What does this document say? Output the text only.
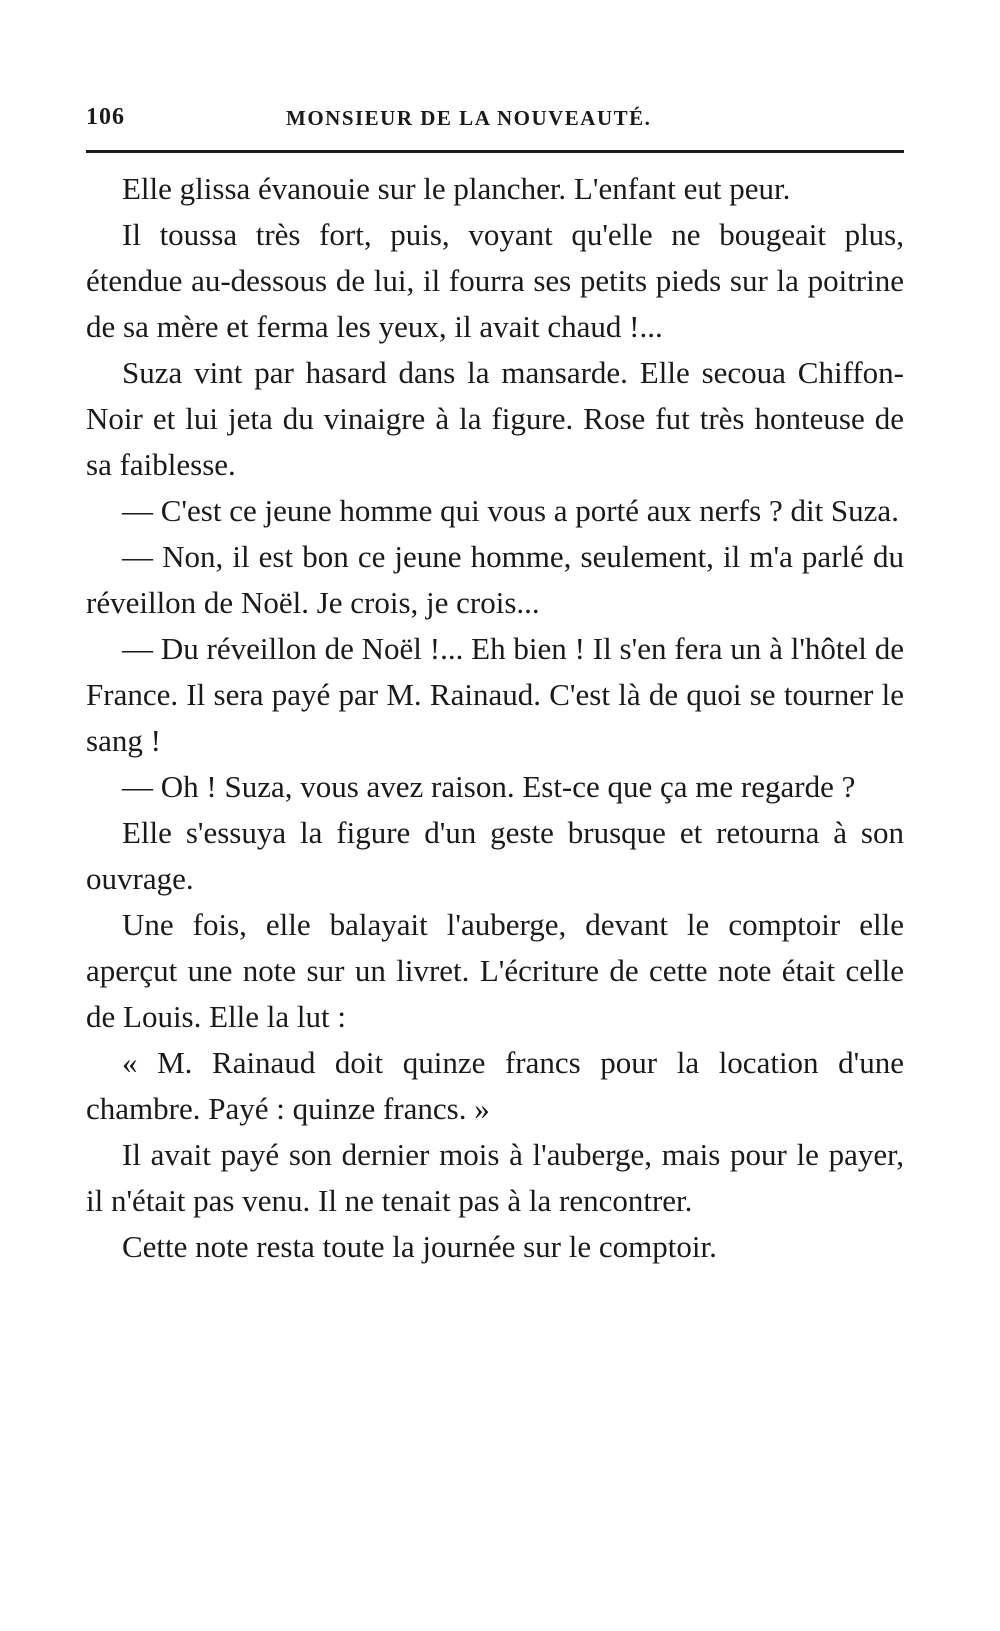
106	MONSIEUR DE LA NOUVEAUTÉ.

Elle glissa évanouie sur le plancher. L'enfant eut peur.

Il toussa très fort, puis, voyant qu'elle ne bougeait plus, étendue au-dessous de lui, il fourra ses petits pieds sur la poitrine de sa mère et ferma les yeux, il avait chaud !...

Suza vint par hasard dans la mansarde. Elle secoua Chiffon-Noir et lui jeta du vinaigre à la figure. Rose fut très honteuse de sa faiblesse.

— C'est ce jeune homme qui vous a porté aux nerfs ? dit Suza.

— Non, il est bon ce jeune homme, seulement, il m'a parlé du réveillon de Noël. Je crois, je crois...

— Du réveillon de Noël !... Eh bien ! Il s'en fera un à l'hôtel de France. Il sera payé par M. Rainaud. C'est là de quoi se tourner le sang !

— Oh ! Suza, vous avez raison. Est-ce que ça me regarde ?

Elle s'essuya la figure d'un geste brusque et retourna à son ouvrage.

Une fois, elle balayait l'auberge, devant le comptoir elle aperçut une note sur un livret. L'écriture de cette note était celle de Louis. Elle la lut :

« M. Rainaud doit quinze francs pour la location d'une chambre. Payé : quinze francs. »

Il avait payé son dernier mois à l'auberge, mais pour le payer, il n'était pas venu. Il ne tenait pas à la rencontrer.

Cette note resta toute la journée sur le comptoir.
